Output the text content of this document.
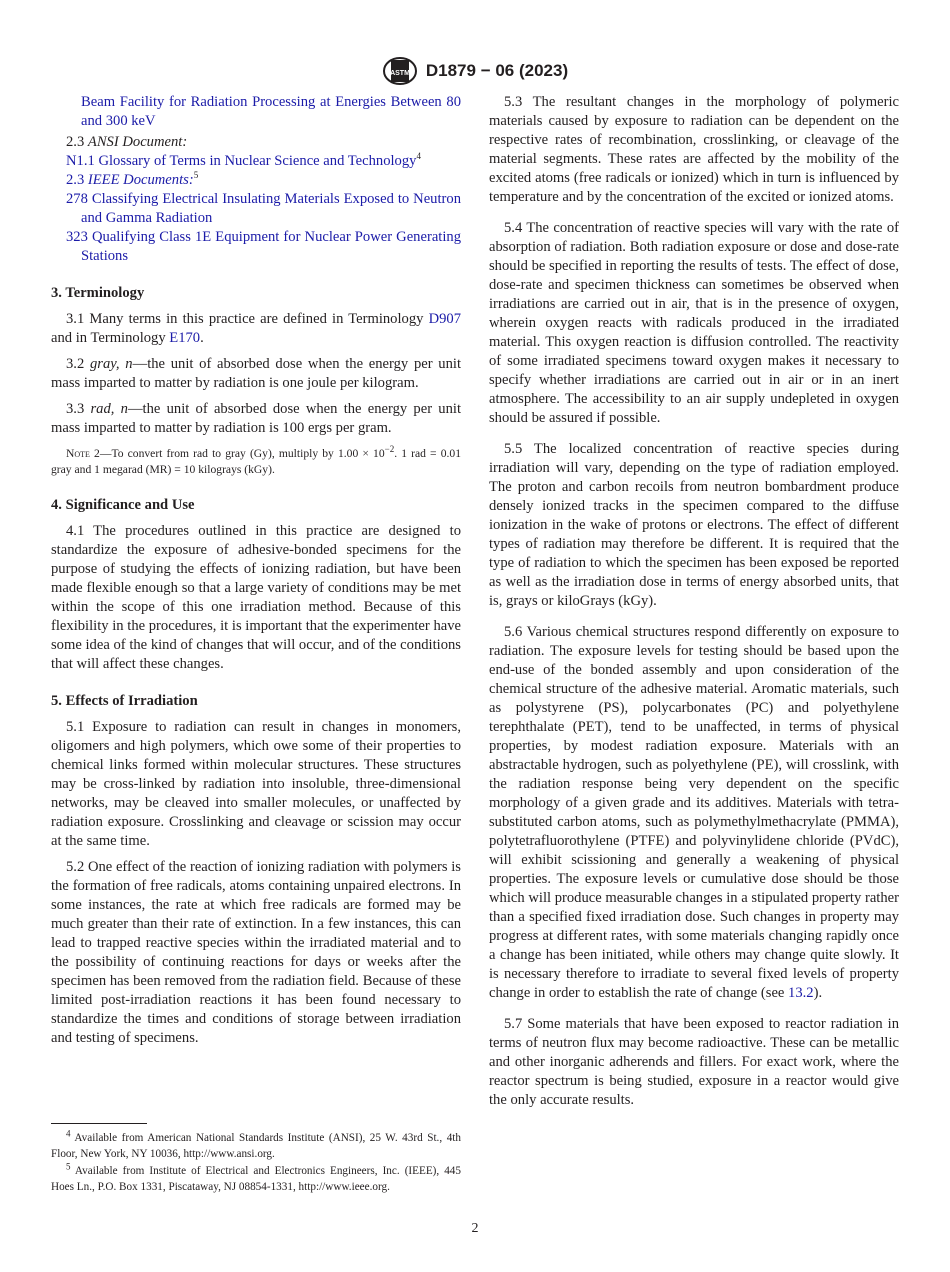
ASTM D1879 − 06 (2023)

Beam Facility for Radiation Processing at Energies Between 80 and 300 keV

2.3 ANSI Document:

N1.1 Glossary of Terms in Nuclear Science and Technology$^4$

2.3 IEEE Documents:$^5$

278 Classifying Electrical Insulating Materials Exposed to Neutron and Gamma Radiation

323 Qualifying Class 1E Equipment for Nuclear Power Generating Stations

3. Terminology

3.1 Many terms in this practice are defined in Terminology D907 and in Terminology E170.

3.2 gray, n—the unit of absorbed dose when the energy per unit mass imparted to matter by radiation is one joule per kilogram.

3.3 rad, n—the unit of absorbed dose when the energy per unit mass imparted to matter by radiation is 100 ergs per gram.

Note 2—To convert from rad to gray (Gy), multiply by $1.00 \times 10^{-2}$. 1 rad = 0.01 gray and 1 megarad (MR) = 10 kilograys (kGy).

4. Significance and Use

4.1 The procedures outlined in this practice are designed to standardize the exposure of adhesive-bonded specimens for the purpose of studying the effects of ionizing radiation, but have been made flexible enough so that a large variety of conditions may be met within the scope of this one irradiation method. Because of this flexibility in the procedures, it is important that the experimenter have some idea of the kind of changes that will occur, and of the conditions that will affect these changes.

5. Effects of Irradiation

5.1 Exposure to radiation can result in changes in monomers, oligomers and high polymers, which owe some of their properties to chemical links formed within molecular structures. These structures may be cross-linked by radiation into insoluble, three-dimensional networks, may be cleaved into smaller molecules, or unaffected by radiation exposure. Crosslinking and cleavage or scission may occur at the same time.

5.2 One effect of the reaction of ionizing radiation with polymers is the formation of free radicals, atoms containing unpaired electrons. In some instances, the rate at which free radicals are formed may be much greater than their rate of extinction. In a few instances, this can lead to trapped reactive species within the irradiated material and to the possibility of continuing reactions for days or weeks after the specimen has been removed from the radiation field. Because of these limited post-irradiation reactions it has been found necessary to standardize the times and conditions of storage between irradiation and testing of specimens.

5.3 The resultant changes in the morphology of polymeric materials caused by exposure to radiation can be dependent on the respective rates of recombination, crosslinking, or cleavage of the material segments. These rates are affected by the mobility of the excited atoms (free radicals or ionized) which in turn is influenced by temperature and by the concentration of the excited or ionized atoms.

5.4 The concentration of reactive species will vary with the rate of absorption of radiation. Both radiation exposure or dose and dose-rate should be specified in reporting the results of tests. The effect of dose, dose-rate and specimen thickness can sometimes be observed when irradiations are carried out in air, that is in the presence of oxygen, wherein oxygen reacts with radicals produced in the irradiated material. This oxygen reaction is diffusion controlled. The reactivity of some irradiated specimens toward oxygen makes it necessary to specify whether irradiations are carried out in air or in an inert atmosphere. The accessibility to an air supply undepleted in oxygen should be assured if possible.

5.5 The localized concentration of reactive species during irradiation will vary, depending on the type of radiation employed. The proton and carbon recoils from neutron bombardment produce densely ionized tracks in the specimen compared to the diffuse ionization in the wake of protons or electrons. The effect of different types of radiation may therefore be different. It is required that the type of radiation to which the specimen has been exposed be reported as well as the irradiation dose in terms of energy absorbed units, that is, grays or kiloGrays (kGy).

5.6 Various chemical structures respond differently on exposure to radiation. The exposure levels for testing should be based upon the end-use of the bonded assembly and upon consideration of the chemical structure of the adhesive material. Aromatic materials, such as polystyrene (PS), polycarbonates (PC) and polyethylene terephthalate (PET), tend to be unaffected, in terms of physical properties, by modest radiation exposure. Materials with an abstractable hydrogen, such as polyethylene (PE), will crosslink, with the radiation response being very dependent on the specific morphology of a given grade and its additives. Materials with tetra-substituted carbon atoms, such as polymethylmethacrylate (PMMA), polytetrafluorothylene (PTFE) and polyvinylidene chloride (PVdC), will exhibit scissioning and generally a weakening of physical properties. The exposure levels or cumulative dose should be those which will produce measurable changes in a stipulated property rather than a specified fixed irradiation dose. Such changes in property may progress at different rates, with some materials changing rapidly once a change has been initiated, while others may change quite slowly. It is necessary therefore to irradiate to several fixed levels of property change in order to establish the rate of change (see 13.2).

5.7 Some materials that have been exposed to reactor radiation in terms of neutron flux may become radioactive. These can be metallic and other inorganic adherends and fillers. For exact work, where the reactor spectrum is being studied, exposure in a reactor would give the only accurate results.

$^4$ Available from American National Standards Institute (ANSI), 25 W. 43rd St., 4th Floor, New York, NY 10036, http://www.ansi.org.

$^5$ Available from Institute of Electrical and Electronics Engineers, Inc. (IEEE), 445 Hoes Ln., P.O. Box 1331, Piscataway, NJ 08854-1331, http://www.ieee.org.

2
